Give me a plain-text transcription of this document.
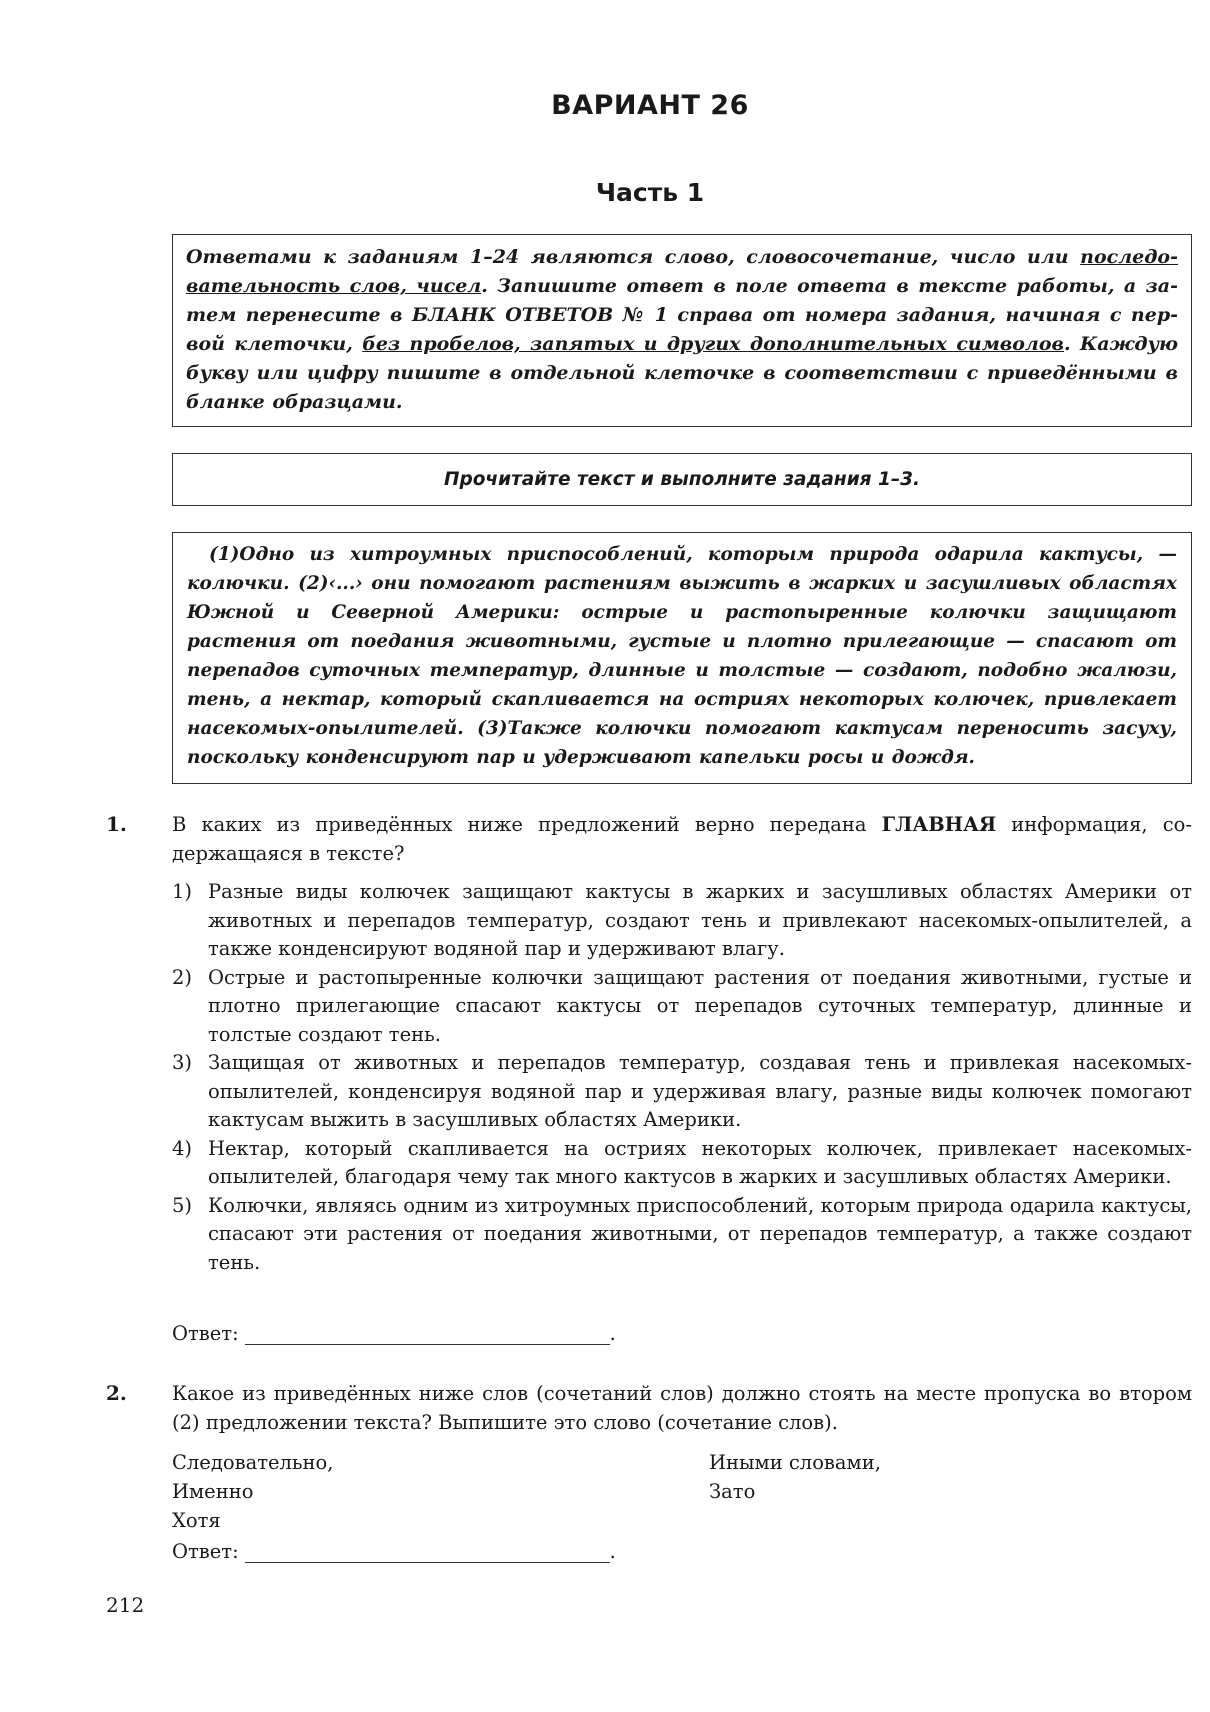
ВАРИАНТ 26
Часть 1

Ответами к заданиям 1–24 являются слово, словосочетание, число или последовательность слов, чисел. Запишите ответ в поле ответа в тексте работы, а затем перенесите в БЛАНК ОТВЕТОВ № 1 справа от номера задания, начиная с первой клеточки, без пробелов, запятых и других дополнительных символов. Каждую букву или цифру пишите в отдельной клеточке в соответствии с приведёнными в бланке образцами.

Прочитайте текст и выполните задания 1–3.

(1)Одно из хитроумных приспособлений, которым природа одарила кактусы, — колючки. (2)‹...› они помогают растениям выжить в жарких и засушливых областях Южной и Северной Америки: острые и растопыренные колючки защищают растения от поедания животными, густые и плотно прилегающие — спасают от перепадов суточных температур, длинные и толстые — создают, подобно жалюзи, тень, а нектар, который скапливается на остриях некоторых колючек, привлекает насекомых-опылителей. (3)Также колючки помогают кактусам переносить засуху, поскольку конденсируют пар и удерживают капельки росы и дождя.

1. В каких из приведённых ниже предложений верно передана ГЛАВНАЯ информация, содержащаяся в тексте?

1) Разные виды колючек защищают кактусы в жарких и засушливых областях Америки от животных и перепадов температур, создают тень и привлекают насекомых-опылителей, а также конденсируют водяной пар и удерживают влагу.
2) Острые и растопыренные колючки защищают растения от поедания животными, густые и плотно прилегающие спасают кактусы от перепадов суточных температур, длинные и толстые создают тень.
3) Защищая от животных и перепадов температур, создавая тень и привлекая насекомых-опылителей, конденсируя водяной пар и удерживая влагу, разные виды колючек помогают кактусам выжить в засушливых областях Америки.
4) Нектар, который скапливается на остриях некоторых колючек, привлекает насекомых-опылителей, благодаря чему так много кактусов в жарких и засушливых областях Америки.
5) Колючки, являясь одним из хитроумных приспособлений, которым природа одарила кактусы, спасают эти растения от поедания животными, от перепадов температур, а также создают тень.
Ответ:	.
2. Какое из приведённых ниже слов (сочетаний слов) должно стоять на месте пропуска во втором (2) предложении текста? Выпишите это слово (сочетание слов).

Следовательно,	Иными словами,
Именно	Зато
Хотя
Ответ:	.
212
